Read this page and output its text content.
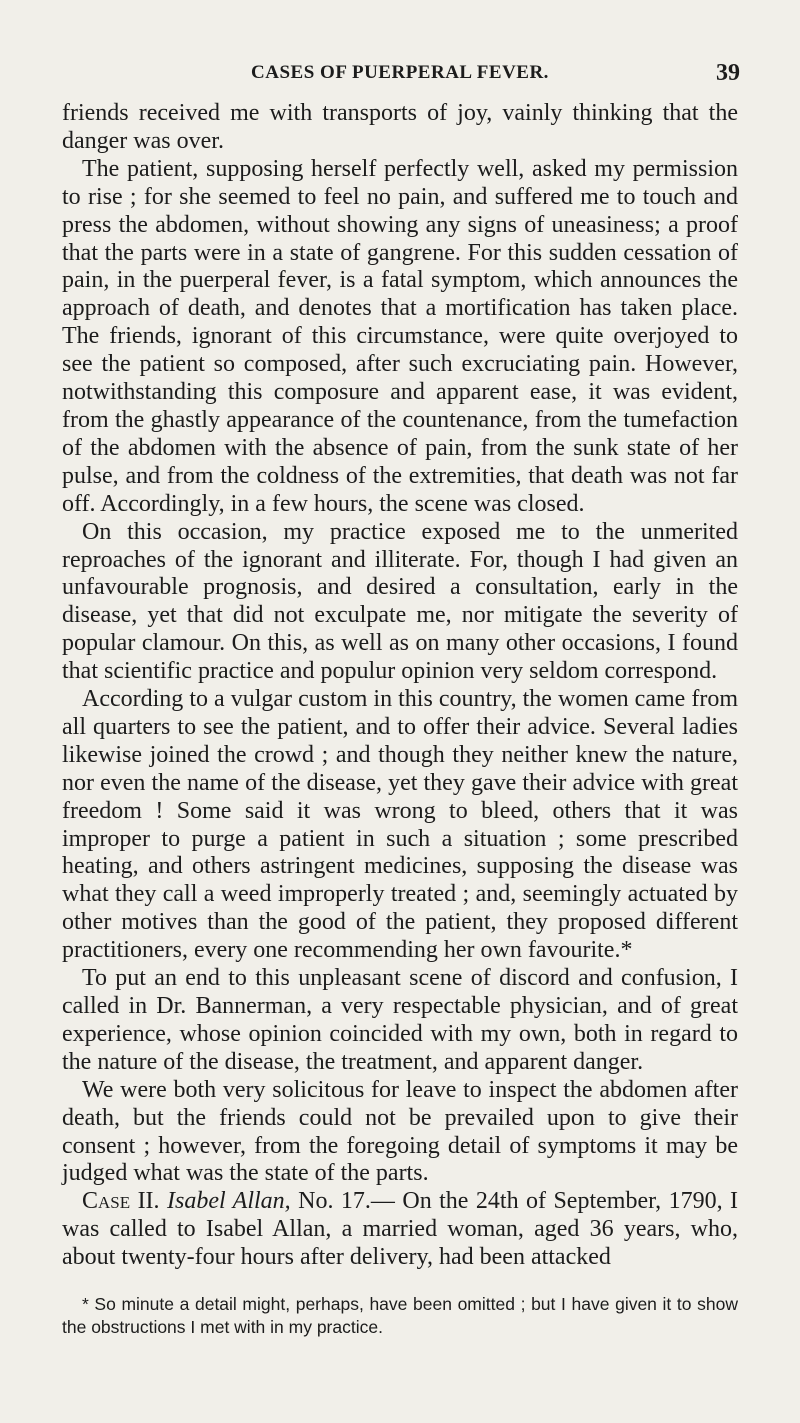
CASES OF PUERPERAL FEVER.	39

friends received me with transports of joy, vainly thinking that the danger was over.

The patient, supposing herself perfectly well, asked my permission to rise ; for she seemed to feel no pain, and suffered me to touch and press the abdomen, without showing any signs of uneasiness; a proof that the parts were in a state of gangrene. For this sudden cessation of pain, in the puerperal fever, is a fatal symptom, which announces the approach of death, and denotes that a mortification has taken place. The friends, ignorant of this circumstance, were quite overjoyed to see the patient so composed, after such excruciating pain. However, notwithstanding this composure and apparent ease, it was evident, from the ghastly appearance of the countenance, from the tumefaction of the abdomen with the absence of pain, from the sunk state of her pulse, and from the coldness of the extremities, that death was not far off. Accordingly, in a few hours, the scene was closed.

On this occasion, my practice exposed me to the unmerited reproaches of the ignorant and illiterate. For, though I had given an unfavourable prognosis, and desired a consultation, early in the disease, yet that did not exculpate me, nor mitigate the severity of popular clamour. On this, as well as on many other occasions, I found that scientific practice and populur opinion very seldom correspond.

According to a vulgar custom in this country, the women came from all quarters to see the patient, and to offer their advice. Several ladies likewise joined the crowd ; and though they neither knew the nature, nor even the name of the disease, yet they gave their advice with great freedom ! Some said it was wrong to bleed, others that it was improper to purge a patient in such a situation ; some prescribed heating, and others astringent medicines, supposing the disease was what they call a weed improperly treated ; and, seemingly actuated by other motives than the good of the patient, they proposed different practitioners, every one recommending her own favourite.*

To put an end to this unpleasant scene of discord and confusion, I called in Dr. Bannerman, a very respectable physician, and of great experience, whose opinion coincided with my own, both in regard to the nature of the disease, the treatment, and apparent danger.

We were both very solicitous for leave to inspect the abdomen after death, but the friends could not be prevailed upon to give their consent ; however, from the foregoing detail of symptoms it may be judged what was the state of the parts.

Case II. Isabel Allan, No. 17.— On the 24th of September, 1790, I was called to Isabel Allan, a married woman, aged 36 years, who, about twenty-four hours after delivery, had been attacked

* So minute a detail might, perhaps, have been omitted ; but I have given it to show the obstructions I met with in my practice.
